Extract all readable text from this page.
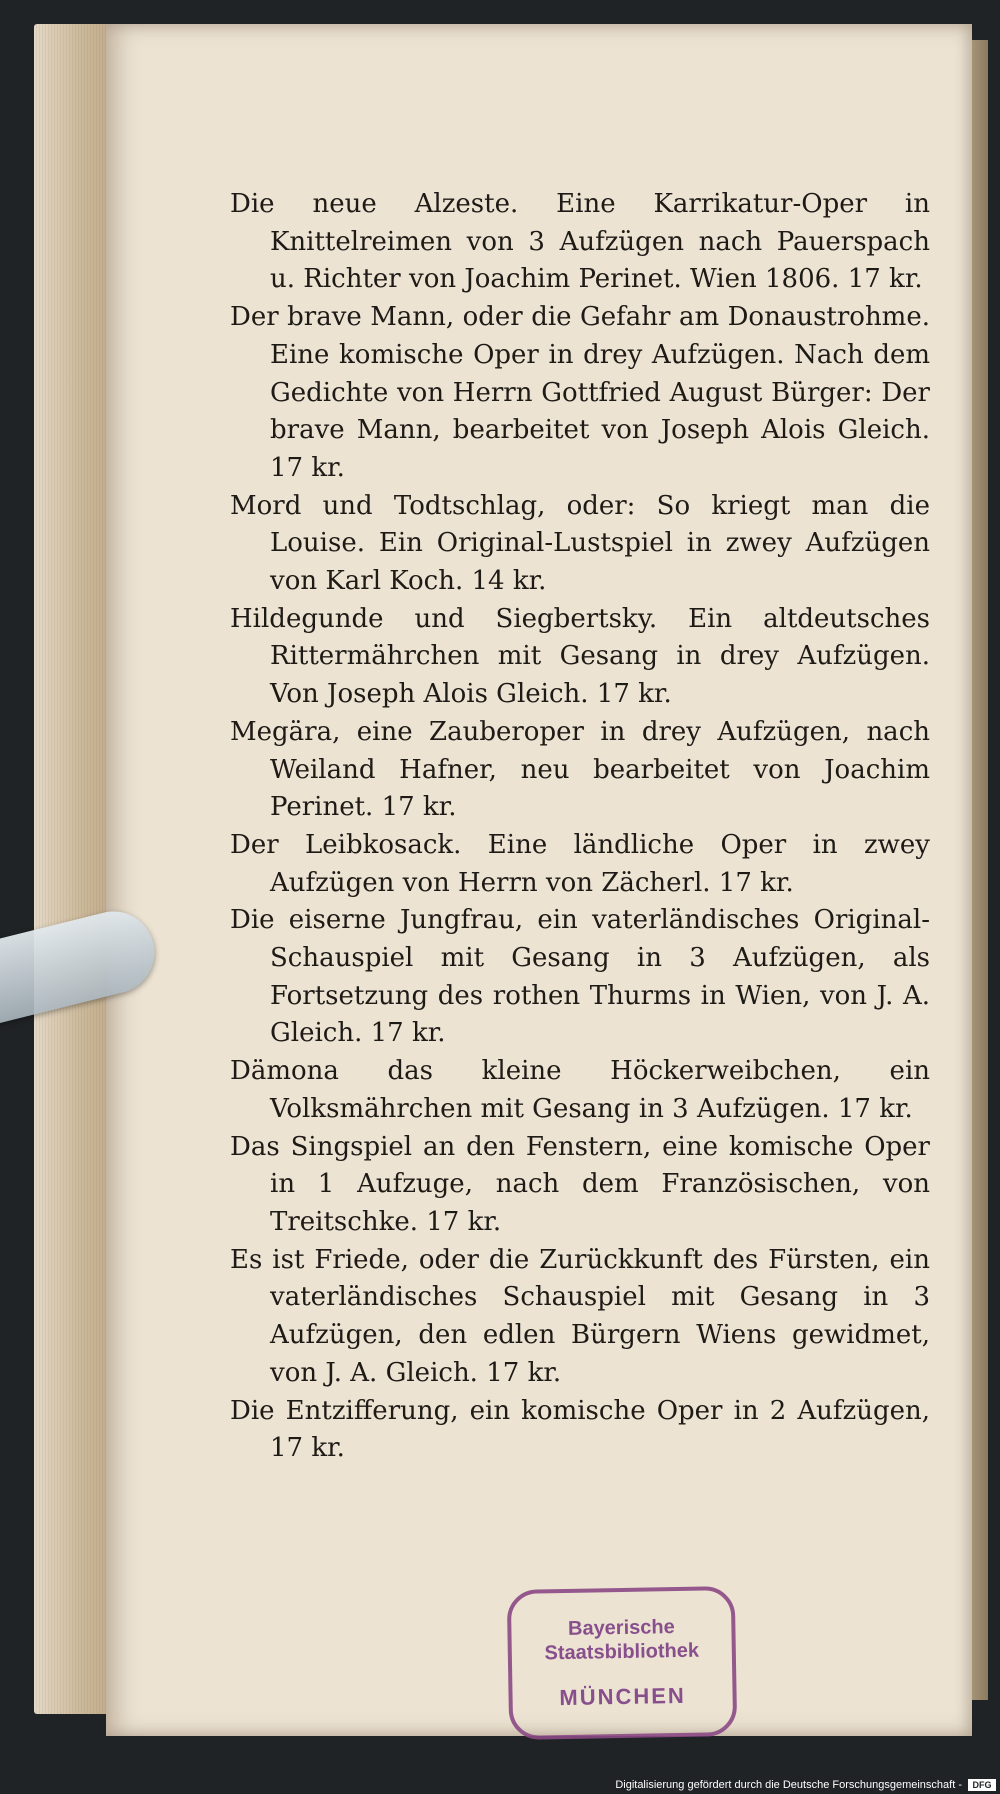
Die neue Alzeste. Eine Karrikatur-Oper in Knittelreimen von 3 Aufzügen nach Pauerspach u. Richter von Joachim Perinet. Wien 1806. 17 kr.

Der brave Mann, oder die Gefahr am Donaustrohme. Eine komische Oper in drey Aufzügen. Nach dem Gedichte von Herrn Gottfried August Bürger: Der brave Mann, bearbeitet von Joseph Alois Gleich. 17 kr.

Mord und Todtschlag, oder: So kriegt man die Louise. Ein Original-Lustspiel in zwey Aufzügen von Karl Koch. 14 kr.

Hildegunde und Siegbertsky. Ein altdeutsches Rittermährchen mit Gesang in drey Aufzügen. Von Joseph Alois Gleich. 17 kr.

Megära, eine Zauberoper in drey Aufzügen, nach Weiland Hafner, neu bearbeitet von Joachim Perinet. 17 kr.

Der Leibkosack. Eine ländliche Oper in zwey Aufzügen von Herrn von Zächerl. 17 kr.

Die eiserne Jungfrau, ein vaterländisches Original-Schauspiel mit Gesang in 3 Aufzügen, als Fortsetzung des rothen Thurms in Wien, von J. A. Gleich. 17 kr.

Dämona das kleine Höckerweibchen, ein Volksmährchen mit Gesang in 3 Aufzügen. 17 kr.

Das Singspiel an den Fenstern, eine komische Oper in 1 Aufzuge, nach dem Französischen, von Treitschke. 17 kr.

Es ist Friede, oder die Zurückkunft des Fürsten, ein vaterländisches Schauspiel mit Gesang in 3 Aufzügen, den edlen Bürgern Wiens gewidmet, von J. A. Gleich. 17 kr.

Die Entzifferung, ein komische Oper in 2 Aufzügen, 17 kr.

Bayerische
Staatsbibliothek
MÜNCHEN
Digitalisierung gefördert durch die Deutsche Forschungsgemeinschaft -	DFG
